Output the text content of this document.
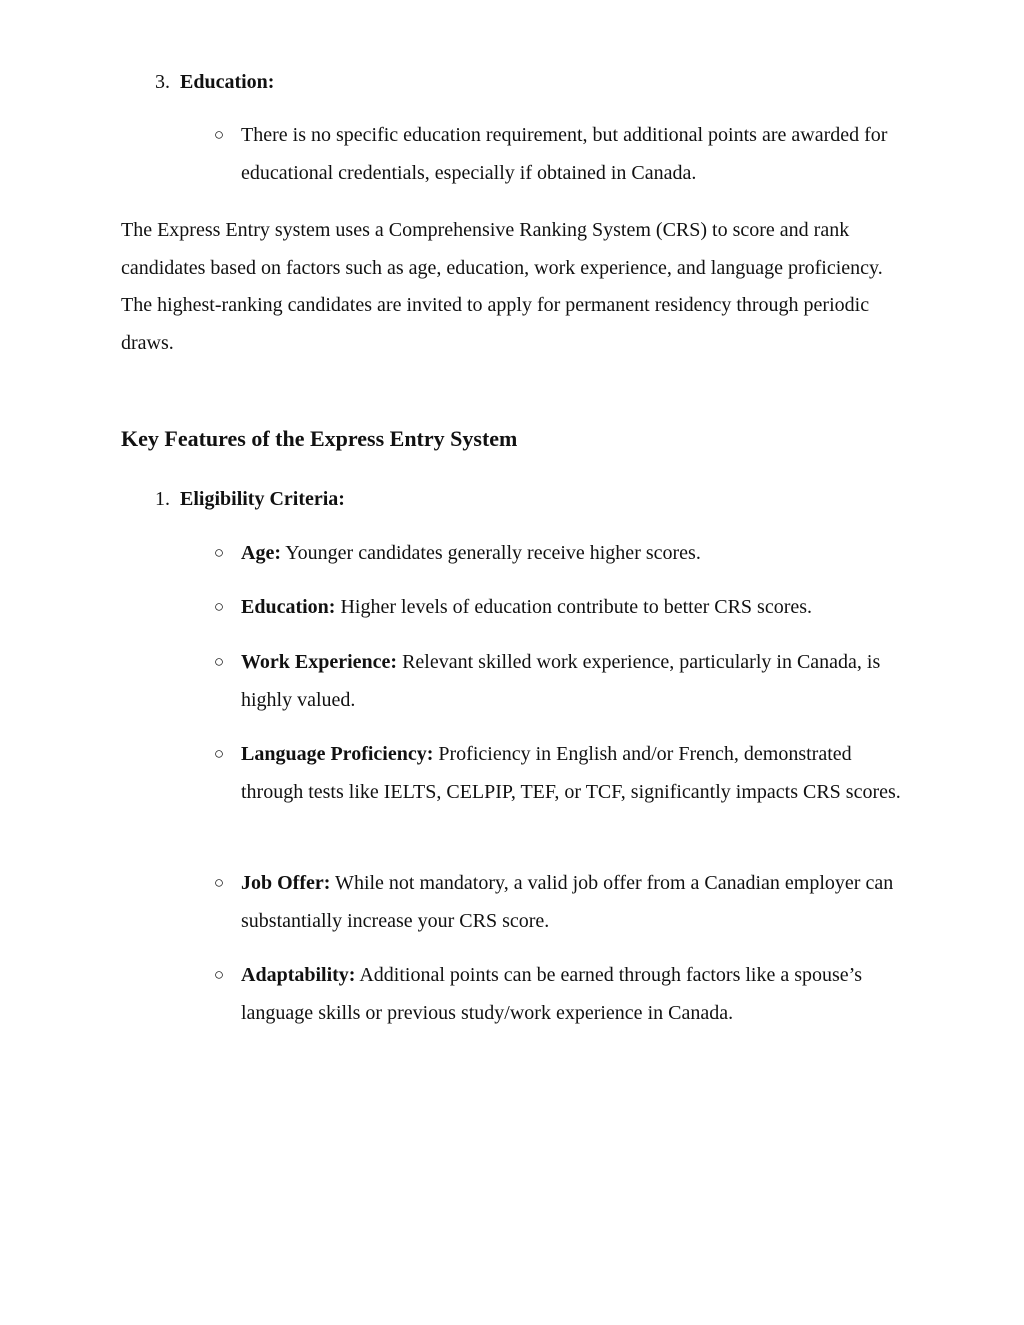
3. Education:
○ There is no specific education requirement, but additional points are awarded for educational credentials, especially if obtained in Canada.
The Express Entry system uses a Comprehensive Ranking System (CRS) to score and rank candidates based on factors such as age, education, work experience, and language proficiency. The highest-ranking candidates are invited to apply for permanent residency through periodic draws.
Key Features of the Express Entry System
1. Eligibility Criteria:
○ Age: Younger candidates generally receive higher scores.
○ Education: Higher levels of education contribute to better CRS scores.
○ Work Experience: Relevant skilled work experience, particularly in Canada, is highly valued.
○ Language Proficiency: Proficiency in English and/or French, demonstrated through tests like IELTS, CELPIP, TEF, or TCF, significantly impacts CRS scores.
○ Job Offer: While not mandatory, a valid job offer from a Canadian employer can substantially increase your CRS score.
○ Adaptability: Additional points can be earned through factors like a spouse’s language skills or previous study/work experience in Canada.
